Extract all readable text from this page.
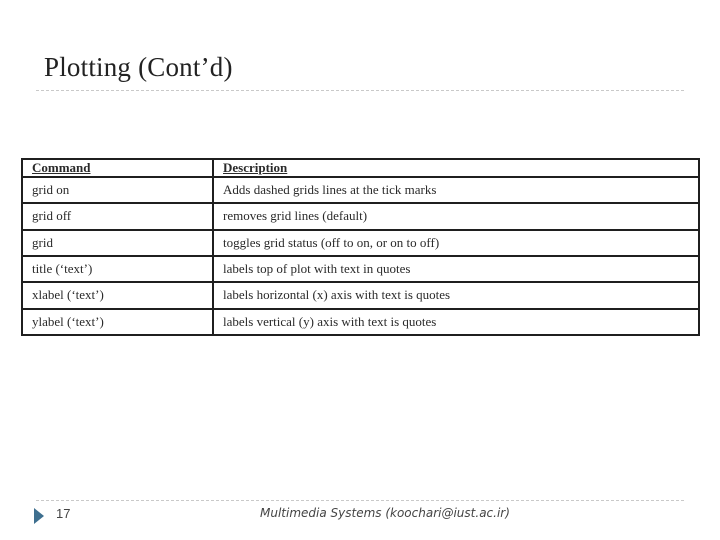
Plotting (Cont’d)
Command	Description
grid on	Adds dashed grids lines at the tick marks
grid off	removes grid lines (default)
grid	toggles grid status (off to on, or on to off)
title (‘text’)	labels top of plot with text in quotes
xlabel (‘text’)	labels horizontal (x) axis with text is quotes
ylabel (‘text’)	labels vertical (y) axis with text is quotes
17	Multimedia Systems (koochari@iust.ac.ir)
